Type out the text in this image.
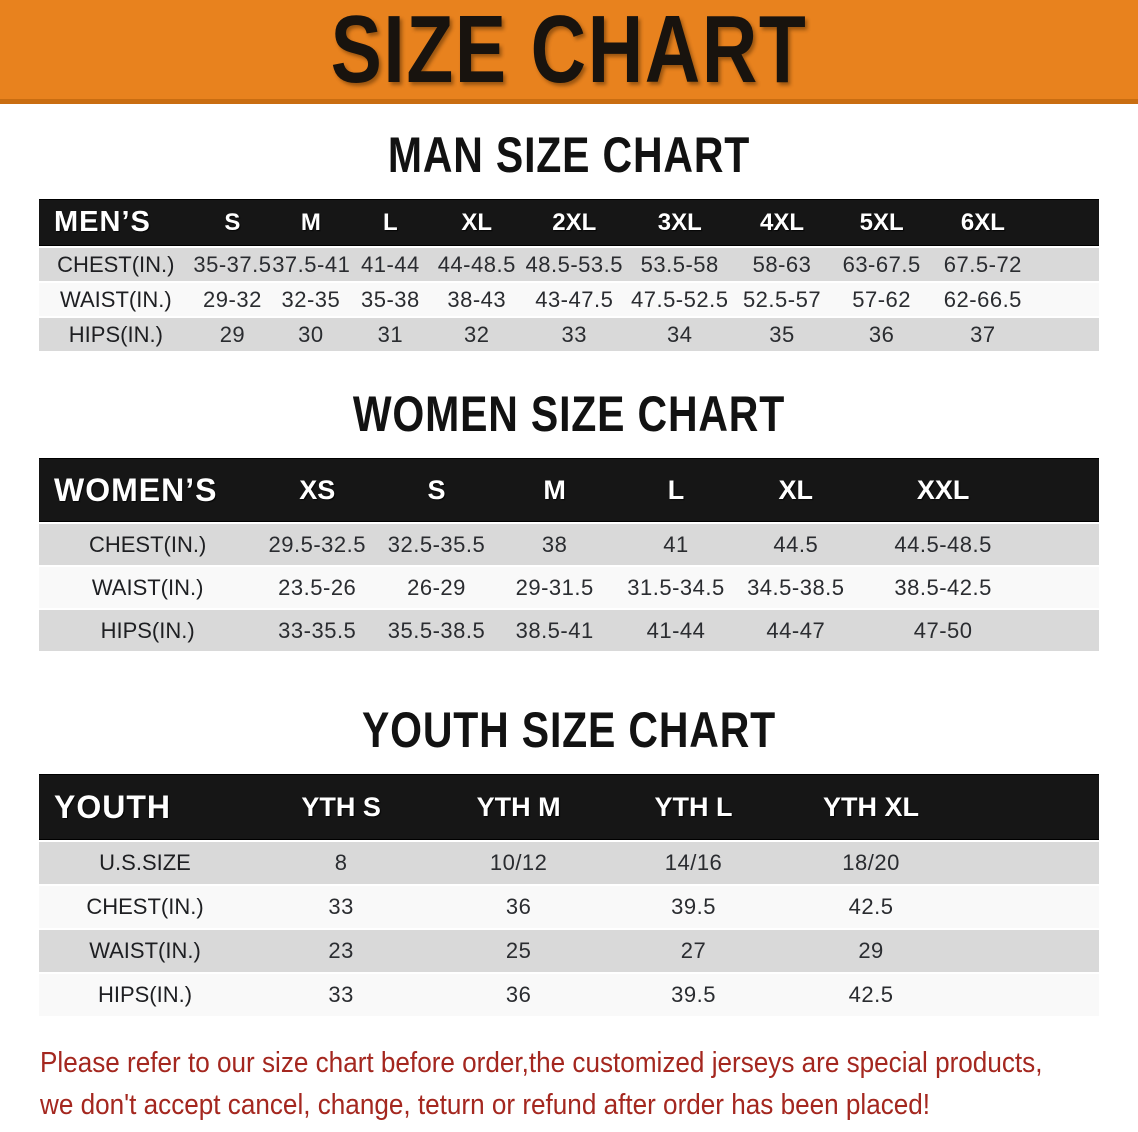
SIZE CHART
MAN SIZE CHART
MEN’S	S	M	L	XL	2XL	3XL	4XL	5XL	6XL
CHEST(IN.) 35-37.5 37.5-41 41-44 44-48.5 48.5-53.5 53.5-58	58-63	63-67.5	67.5-72
WAIST(IN.)	29-32 32-35 35-38	38-43	43-47.5 47.5-52.5 52.5-57	57-62	62-66.5
HIPS(IN.)	29	30	31	32	33	34	35	36	37
WOMEN SIZE CHART
WOMEN’S	XS	S	M	L	XL	XXL
CHEST(IN.)	29.5-32.5 32.5-35.5	38	41	44.5	44.5-48.5
WAIST(IN.)	23.5-26	26-29	29-31.5	31.5-34.5	34.5-38.5	38.5-42.5
HIPS(IN.)	33-35.5	35.5-38.5	38.5-41	41-44	44-47	47-50
YOUTH SIZE CHART
YOUTH	YTH S	YTH M	YTH L	YTH XL
U.S.SIZE	8	10/12	14/16	18/20
CHEST(IN.)	33	36	39.5	42.5
WAIST(IN.)	23	25	27	29
HIPS(IN.)	33	36	39.5	42.5
Please refer to our size chart before order,the customized jerseys are special products,
we don't accept cancel, change, teturn or refund after order has been placed!
